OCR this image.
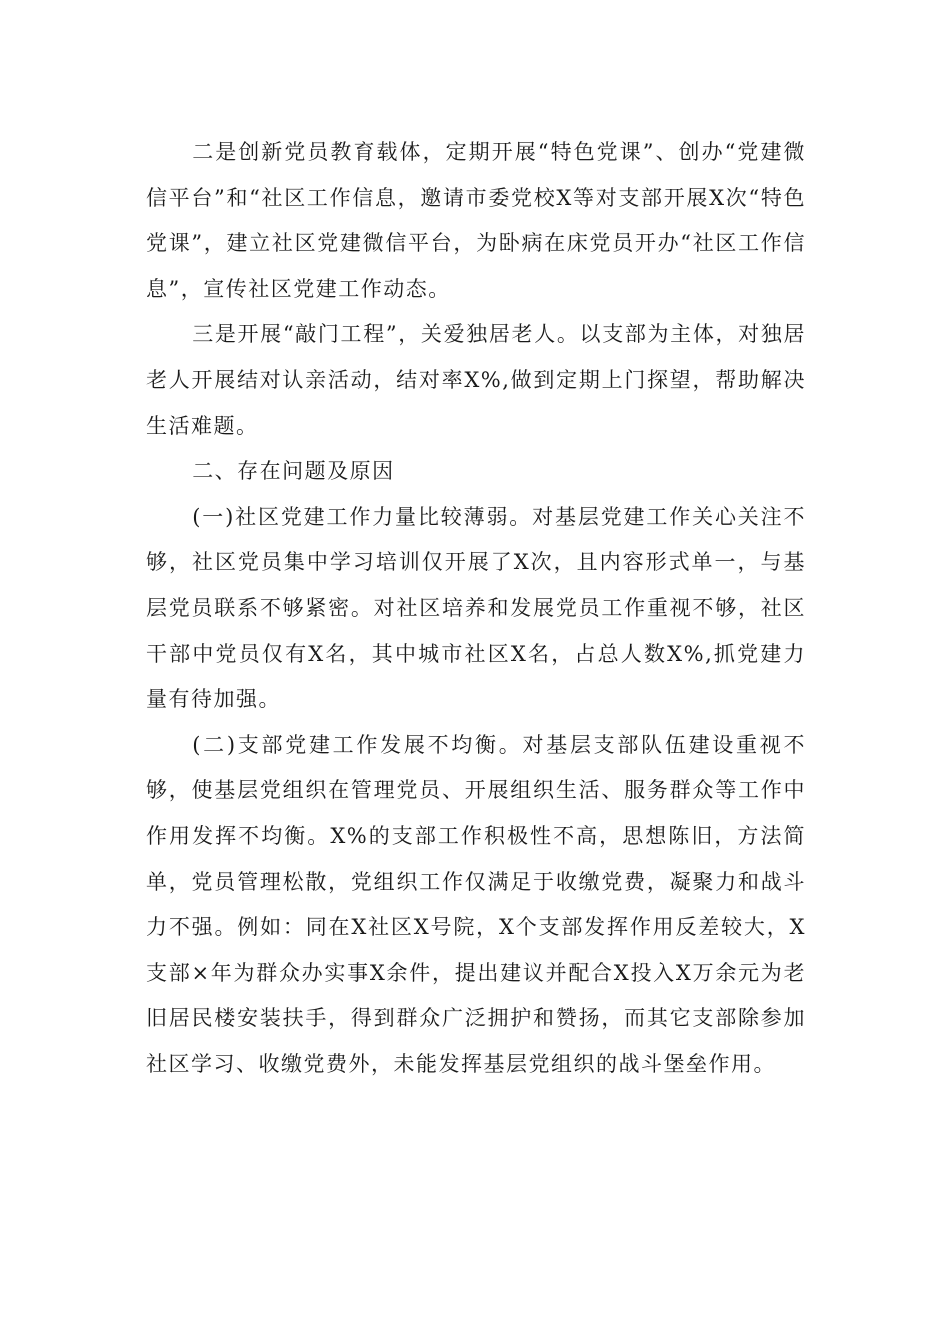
二是创新党员教育载体，定期开展“特色党课”、创办“党建微信平台”和“社区工作信息，邀请市委党校X等对支部开展X次“特色党课”，建立社区党建微信平台，为卧病在床党员开办“社区工作信息”，宣传社区党建工作动态。

三是开展“敲门工程”，关爱独居老人。以支部为主体，对独居老人开展结对认亲活动，结对率X%,做到定期上门探望，帮助解决生活难题。

二、存在问题及原因

(一)社区党建工作力量比较薄弱。对基层党建工作关心关注不够，社区党员集中学习培训仅开展了X次，且内容形式单一，与基层党员联系不够紧密。对社区培养和发展党员工作重视不够，社区干部中党员仅有X名，其中城市社区X名，占总人数X%,抓党建力量有待加强。

(二)支部党建工作发展不均衡。对基层支部队伍建设重视不够，使基层党组织在管理党员、开展组织生活、服务群众等工作中作用发挥不均衡。X%的支部工作积极性不高，思想陈旧，方法简单，党员管理松散，党组织工作仅满足于收缴党费，凝聚力和战斗力不强。例如：同在X社区X号院，X个支部发挥作用反差较大，X支部×年为群众办实事X余件，提出建议并配合X投入X万余元为老旧居民楼安装扶手，得到群众广泛拥护和赞扬，而其它支部除参加社区学习、收缴党费外，未能发挥基层党组织的战斗堡垒作用。
